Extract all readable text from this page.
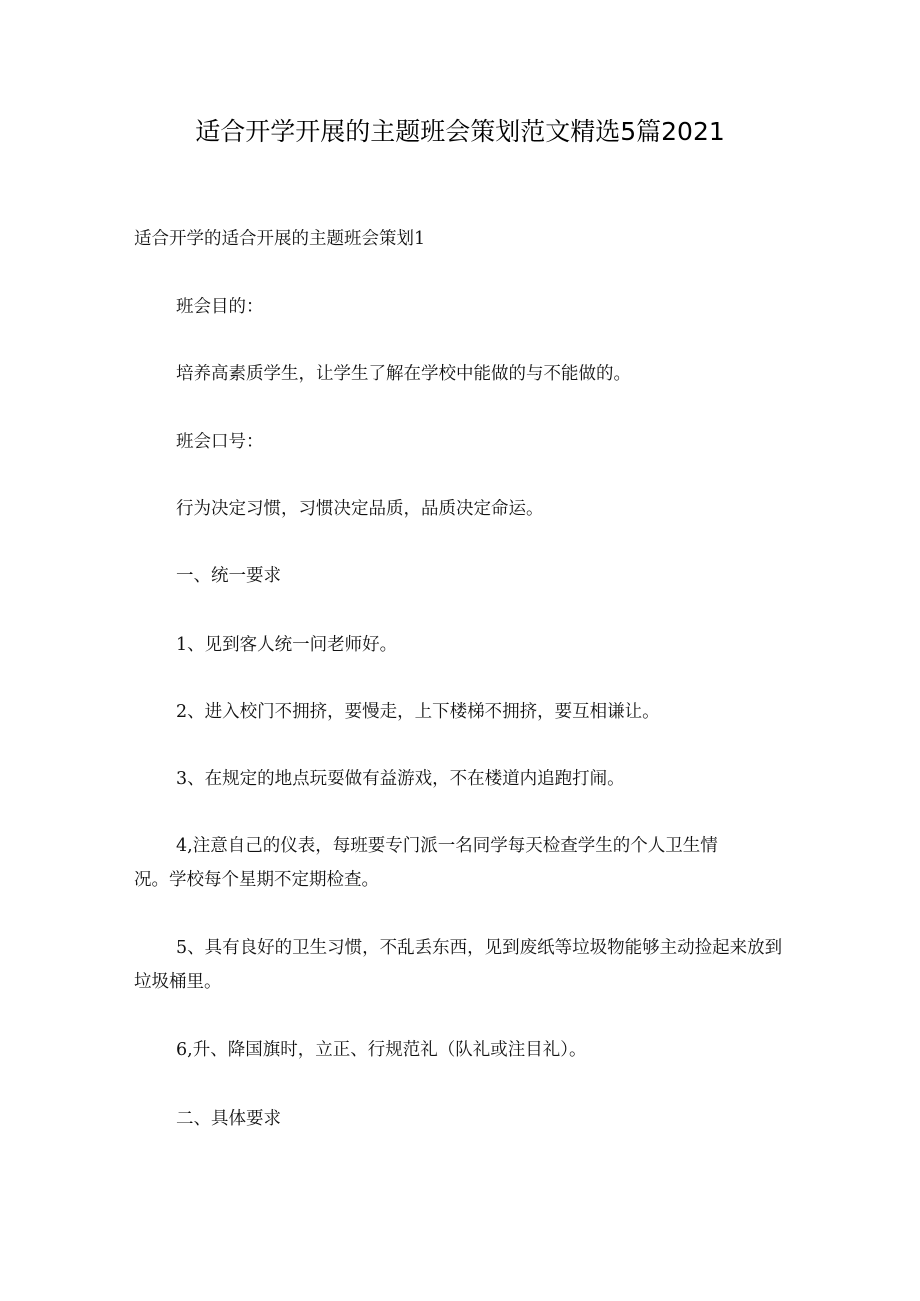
适合开学开展的主题班会策划范文精选5篇2021
适合开学的适合开展的主题班会策划1
班会目的：
培养高素质学生，让学生了解在学校中能做的与不能做的。
班会口号：
行为决定习惯，习惯决定品质，品质决定命运。
一、统一要求
1、见到客人统一问老师好。
2、进入校门不拥挤，要慢走，上下楼梯不拥挤，要互相谦让。
3、在规定的地点玩耍做有益游戏，不在楼道内追跑打闹。
4,注意自己的仪表，每班要专门派一名同学每天检查学生的个人卫生情况。学校每个星期不定期检查。
5、具有良好的卫生习惯，不乱丢东西，见到废纸等垃圾物能够主动捡起来放到垃圾桶里。
6,升、降国旗时，立正、行规范礼（队礼或注目礼）。
二、具体要求
